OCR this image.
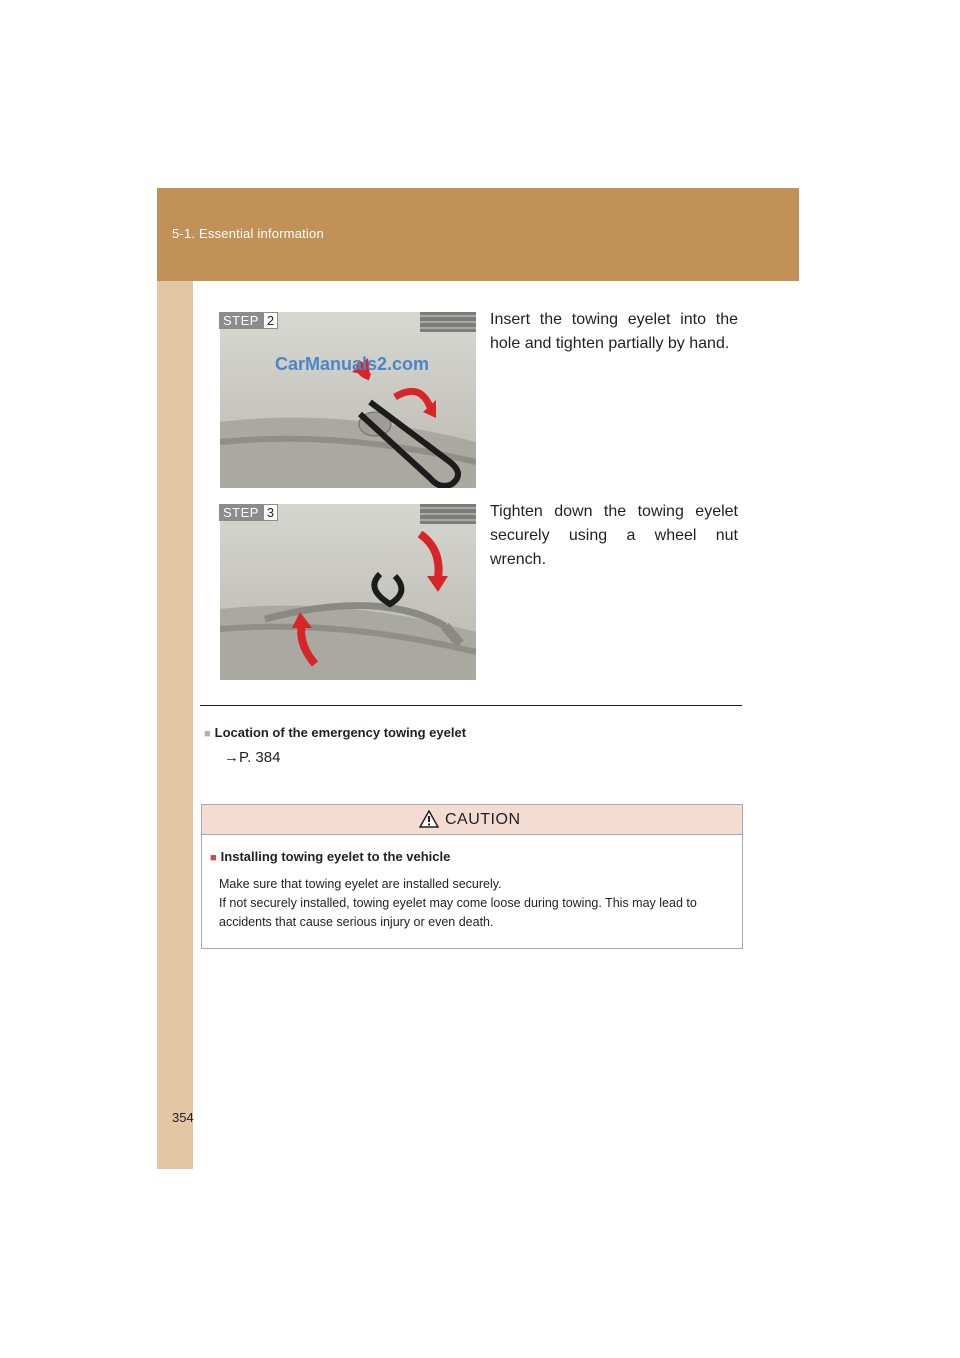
5-1. Essential information
CarManuals2.com
STEP 2	Insert the towing eyelet into the hole and tighten partially by hand.
STEP 3	Tighten down the towing eyelet securely using a wheel nut wrench.
■ Location of the emergency towing eyelet
→P. 384
CAUTION
■ Installing towing eyelet to the vehicle
Make sure that towing eyelet are installed securely.
If not securely installed, towing eyelet may come loose during towing. This may lead to accidents that cause serious injury or even death.
354
